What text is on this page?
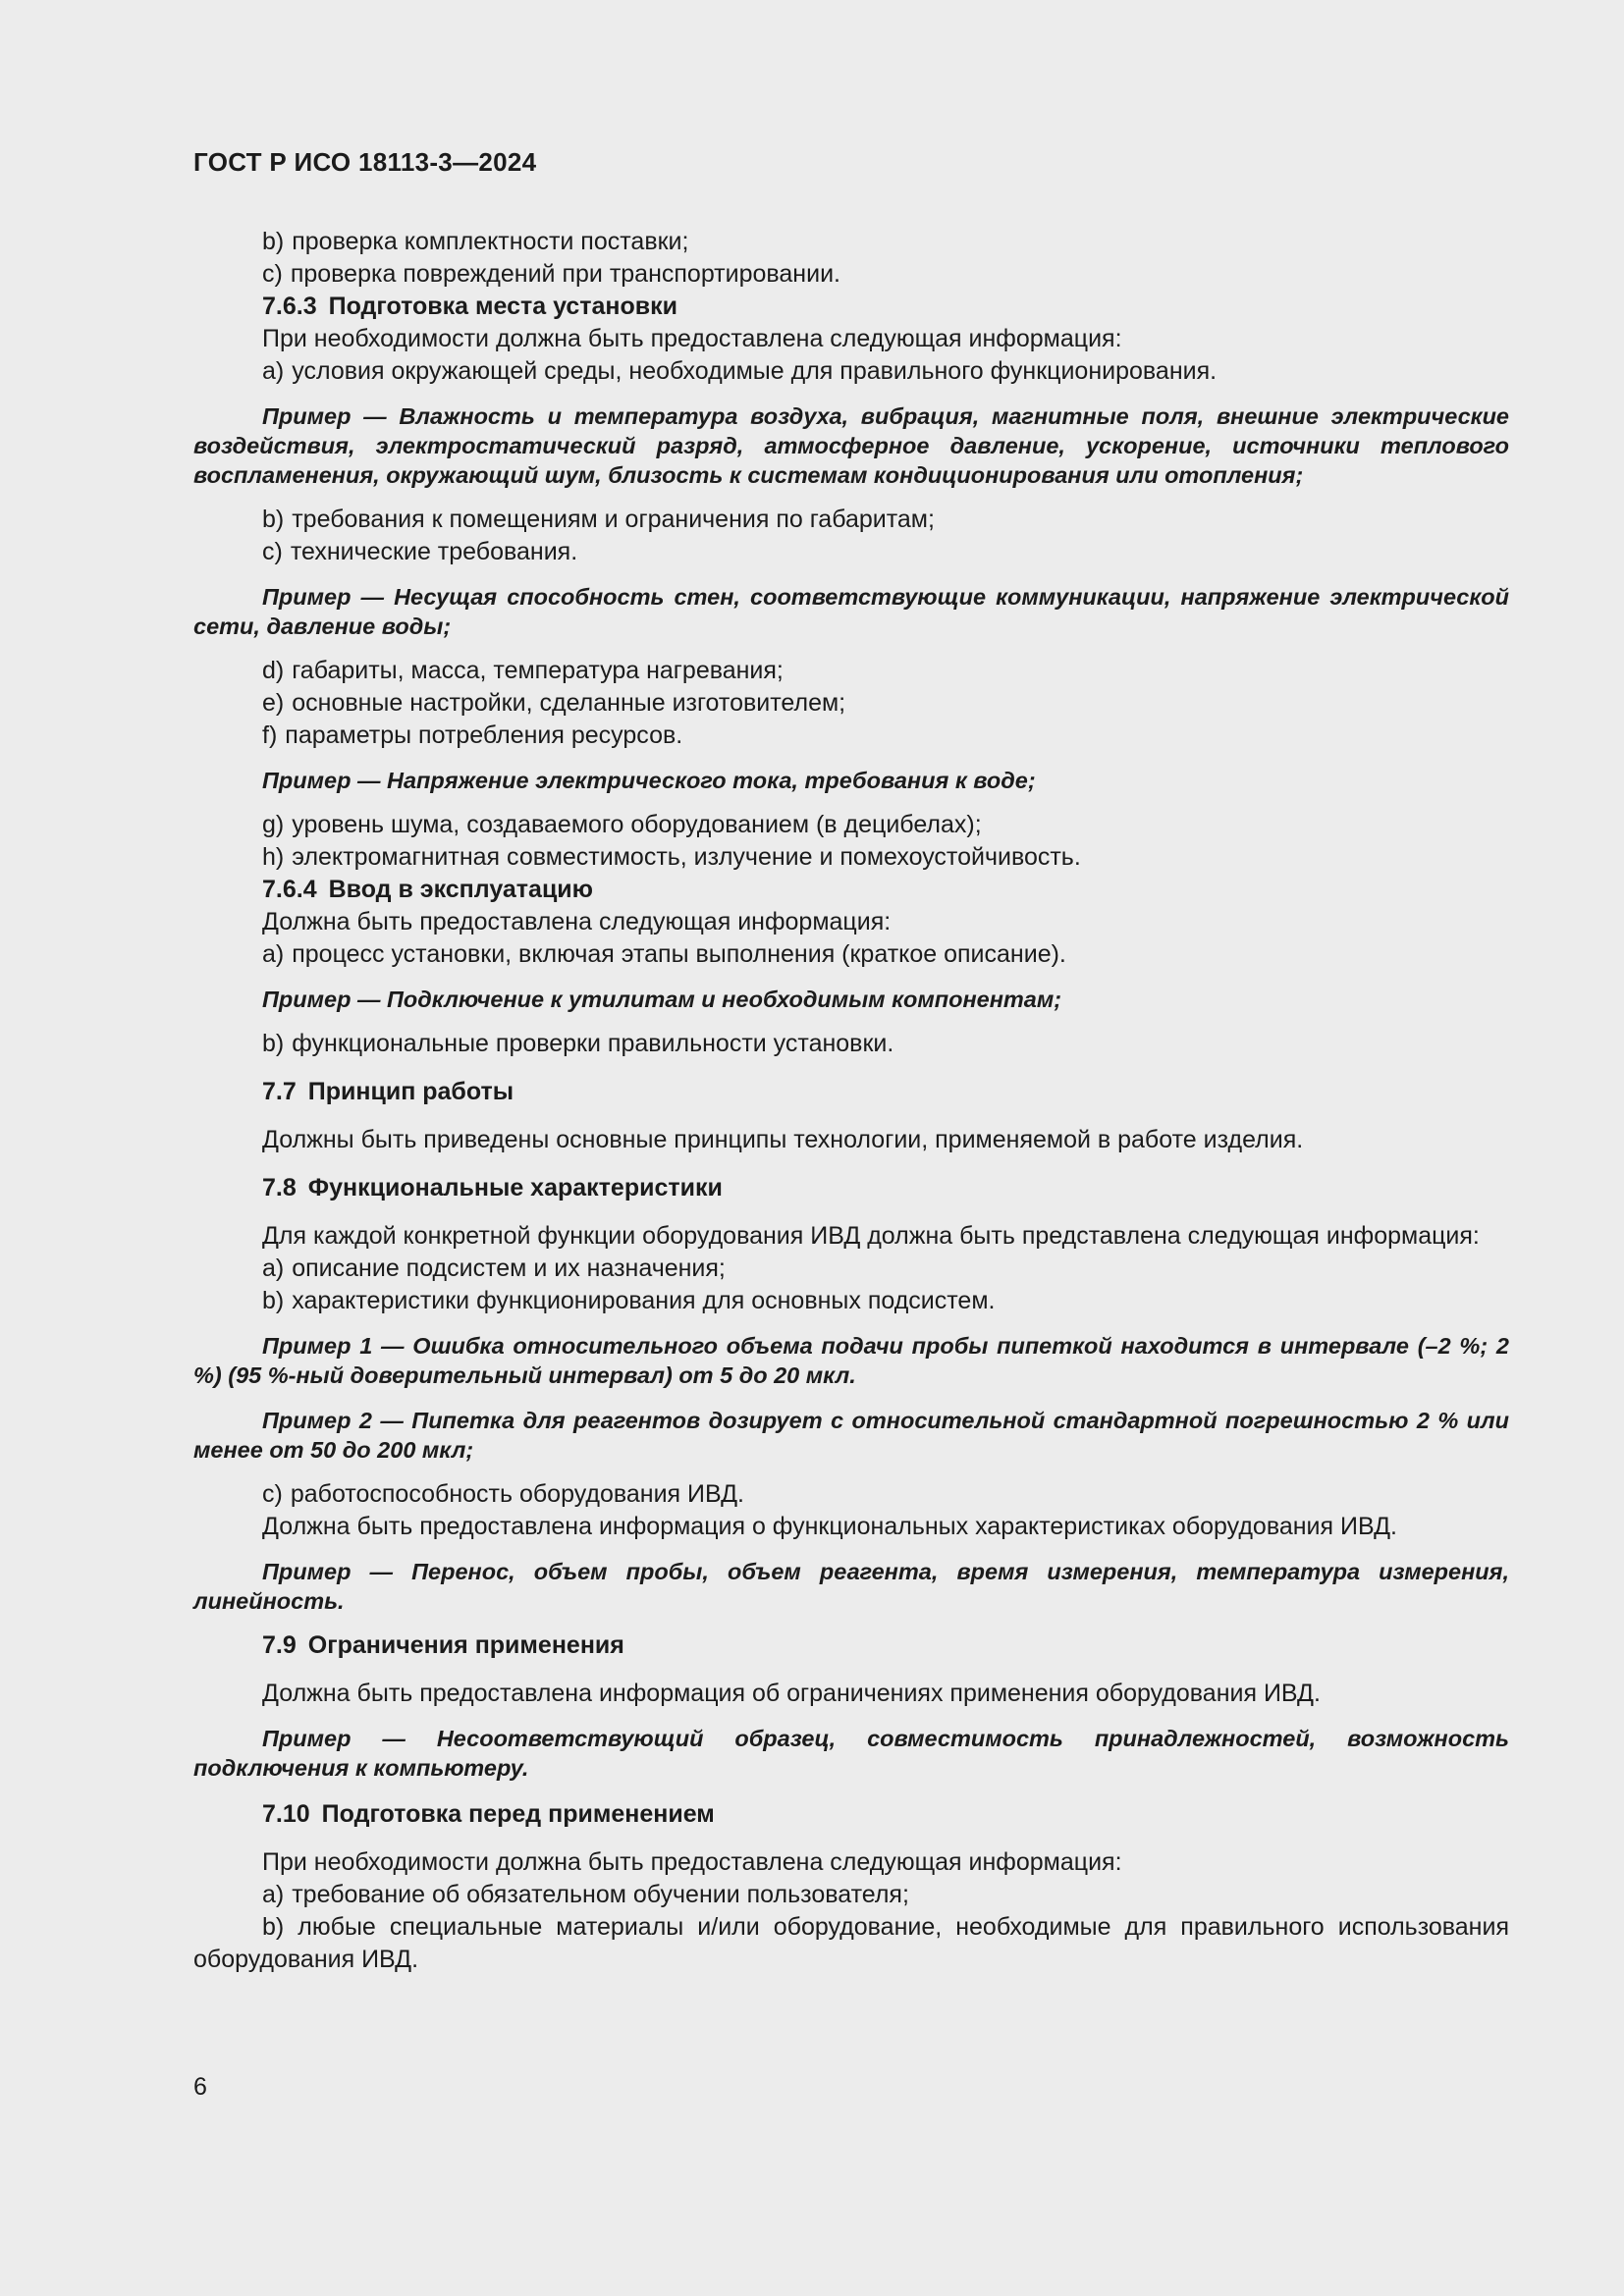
ГОСТ Р ИСО 18113-3—2024
b) проверка комплектности поставки;
c) проверка повреждений при транспортировании.
7.6.3 Подготовка места установки
При необходимости должна быть предоставлена следующая информация:
a) условия окружающей среды, необходимые для правильного функционирования.
Пример — Влажность и температура воздуха, вибрация, магнитные поля, внешние электрические воздействия, электростатический разряд, атмосферное давление, ускорение, источники теплового воспламенения, окружающий шум, близость к системам кондиционирования или отопления;
b) требования к помещениям и ограничения по габаритам;
c) технические требования.
Пример — Несущая способность стен, соответствующие коммуникации, напряжение электрической сети, давление воды;
d) габариты, масса, температура нагревания;
e) основные настройки, сделанные изготовителем;
f) параметры потребления ресурсов.
Пример — Напряжение электрического тока, требования к воде;
g) уровень шума, создаваемого оборудованием (в децибелах);
h) электромагнитная совместимость, излучение и помехоустойчивость.
7.6.4 Ввод в эксплуатацию
Должна быть предоставлена следующая информация:
a) процесс установки, включая этапы выполнения (краткое описание).
Пример — Подключение к утилитам и необходимым компонентам;
b) функциональные проверки правильности установки.
7.7 Принцип работы
Должны быть приведены основные принципы технологии, применяемой в работе изделия.
7.8 Функциональные характеристики
Для каждой конкретной функции оборудования ИВД должна быть представлена следующая информация:
a) описание подсистем и их назначения;
b) характеристики функционирования для основных подсистем.
Пример 1 — Ошибка относительного объема подачи пробы пипеткой находится в интервале (–2 %; 2 %) (95 %-ный доверительный интервал) от 5 до 20 мкл.
Пример 2 — Пипетка для реагентов дозирует с относительной стандартной погрешностью 2 % или менее от 50 до 200 мкл;
c) работоспособность оборудования ИВД.
Должна быть предоставлена информация о функциональных характеристиках оборудования ИВД.
Пример — Перенос, объем пробы, объем реагента, время измерения, температура измерения, линейность.
7.9 Ограничения применения
Должна быть предоставлена информация об ограничениях применения оборудования ИВД.
Пример — Несоответствующий образец, совместимость принадлежностей, возможность подключения к компьютеру.
7.10 Подготовка перед применением
При необходимости должна быть предоставлена следующая информация:
a) требование об обязательном обучении пользователя;
b) любые специальные материалы и/или оборудование, необходимые для правильного использования оборудования ИВД.
6
